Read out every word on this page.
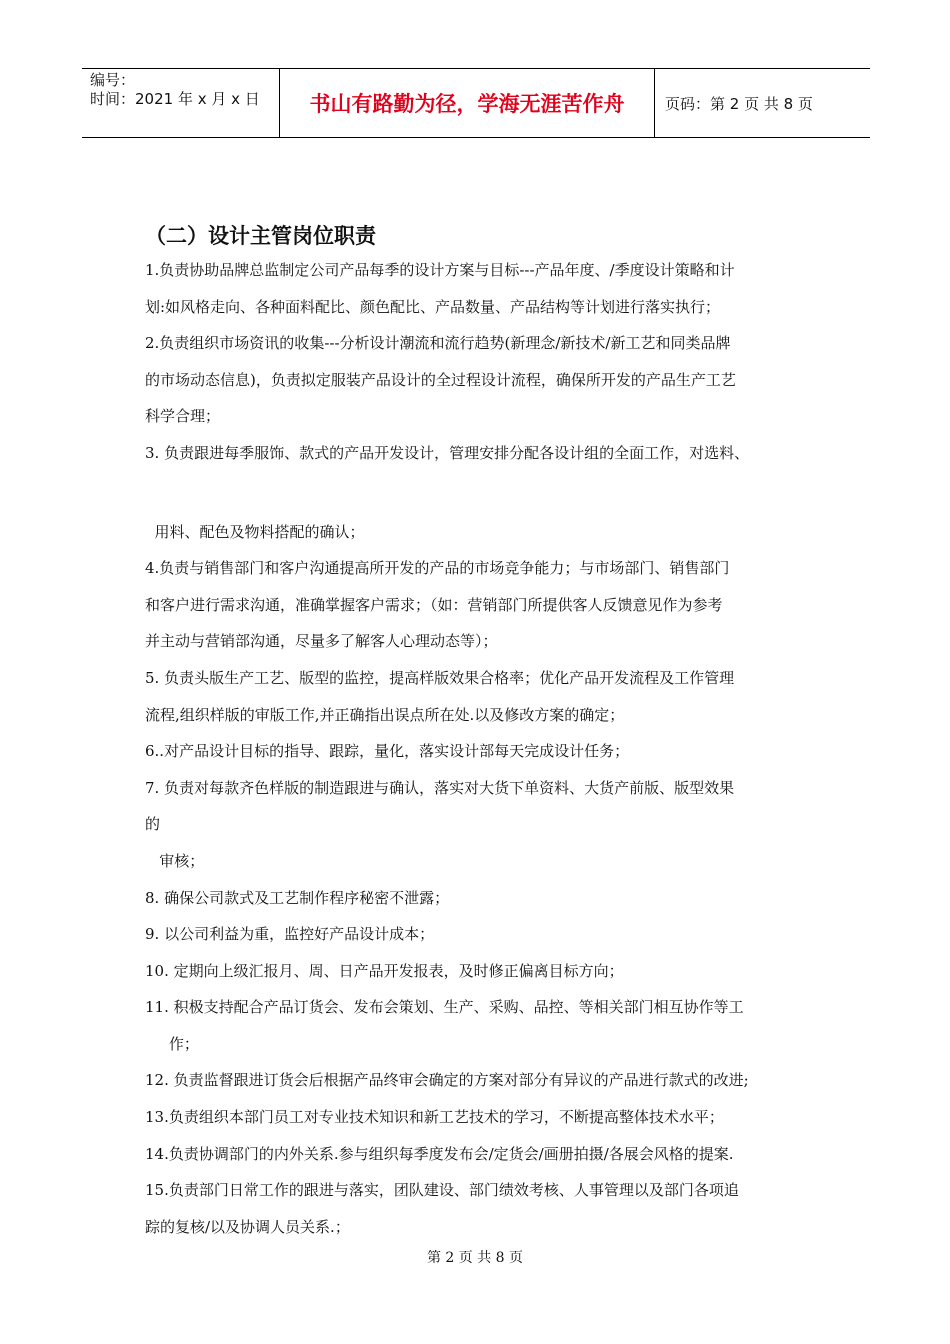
编号：
时间：2021 年 x 月 x 日	书山有路勤为径，学海无涯苦作舟	页码：第 2 页 共 8 页
（二）设计主管岗位职责
1.负责协助品牌总监制定公司产品每季的设计方案与目标---产品年度、/季度设计策略和计
划:如风格走向、各种面料配比、颜色配比、产品数量、产品结构等计划进行落实执行；
2.负责组织市场资讯的收集---分析设计潮流和流行趋势(新理念/新技术/新工艺和同类品牌
的市场动态信息)，负责拟定服装产品设计的全过程设计流程，确保所开发的产品生产工艺
科学合理；
3. 负责跟进每季服饰、款式的产品开发设计，管理安排分配各设计组的全面工作，对选料、
用料、配色及物料搭配的确认；
4.负责与销售部门和客户沟通提高所开发的产品的市场竞争能力；与市场部门、销售部门
和客户进行需求沟通，准确掌握客户需求；（如：营销部门所提供客人反馈意见作为参考
并主动与营销部沟通，尽量多了解客人心理动态等）；
5. 负责头版生产工艺、版型的监控，提高样版效果合格率；优化产品开发流程及工作管理
流程,组织样版的审版工作,并正确指出误点所在处.以及修改方案的确定；
6..对产品设计目标的指导、跟踪，量化，落实设计部每天完成设计任务；
7. 负责对每款齐色样版的制造跟进与确认，落实对大货下单资料、大货产前版、版型效果
的
审核；
8. 确保公司款式及工艺制作程序秘密不泄露；
9. 以公司利益为重，监控好产品设计成本；
10. 定期向上级汇报月、周、日产品开发报表，及时修正偏离目标方向；
11. 积极支持配合产品订货会、发布会策划、生产、采购、品控、等相关部门相互协作等工
作；
12. 负责监督跟进订货会后根据产品终审会确定的方案对部分有异议的产品进行款式的改进;
13.负责组织本部门员工对专业技术知识和新工艺技术的学习，不断提高整体技术水平；
14.负责协调部门的内外关系.参与组织每季度发布会/定货会/画册拍摄/各展会风格的提案.
15.负责部门日常工作的跟进与落实，团队建设、部门绩效考核、人事管理以及部门各项追
踪的复核/以及协调人员关系.；
第 2 页 共 8 页
